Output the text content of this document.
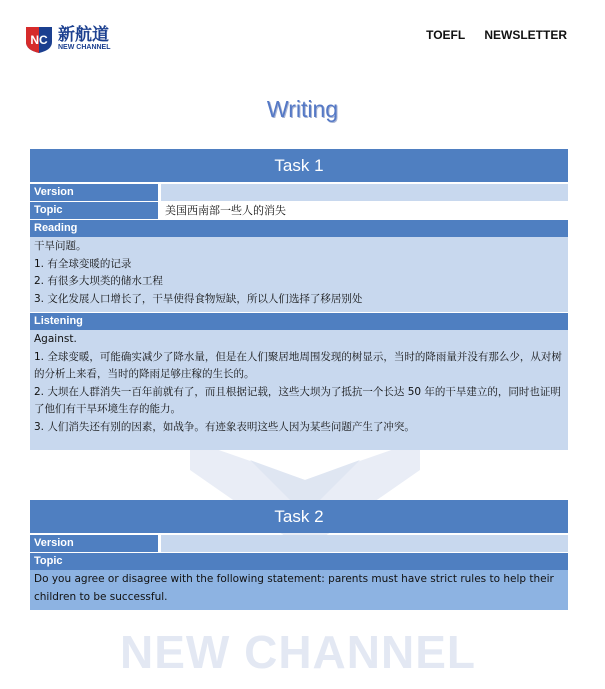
NEW CHANNEL
NC 新航道
NEW CHANNEL
TOEFL NEWSLETTER
Writing
Task 1
Version
Topic	美国西南部一些人的消失
Reading

干旱问题。

1. 有全球变暖的记录

2. 有很多大坝类的储水工程

3. 文化发展人口增长了，干旱使得食物短缺，所以人们选择了移居别处

Listening

Against.

1. 全球变暖，可能确实减少了降水量，但是在人们聚居地周围发现的树显示，当时的降雨量并没有那么少，从对树的分析上来看，当时的降雨足够庄稼的生长的。

2. 大坝在人群消失一百年前就有了，而且根据记载，这些大坝为了抵抗一个长达 50 年的干旱建立的，同时也证明了他们有干旱环境生存的能力。

3. 人们消失还有别的因素，如战争。有迹象表明这些人因为某些问题产生了冲突。

Task 2
Version
Topic

Do you agree or disagree with the following statement: parents must have strict rules to help their children to be successful.
